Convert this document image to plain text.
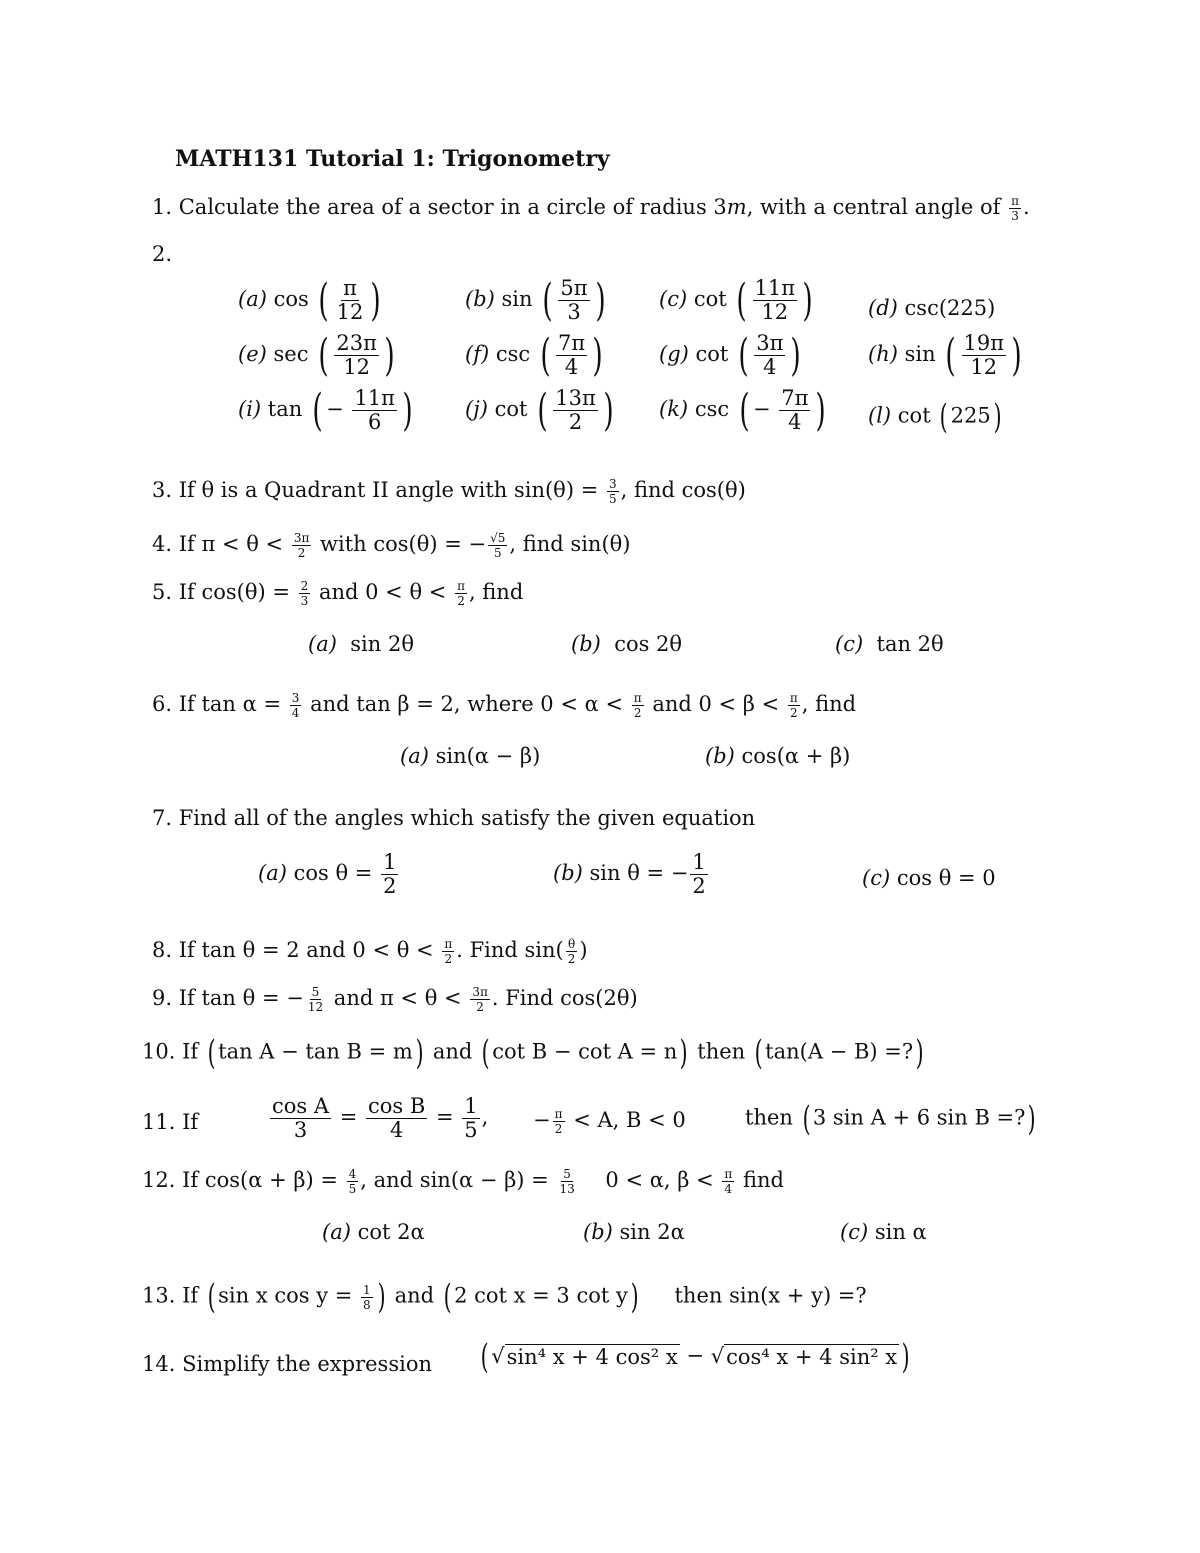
MATH131 Tutorial 1: Trigonometry
1. Calculate the area of a sector in a circle of radius 3m, with a central angle of $\frac{\pi}{3}$ .
2.
(a) cos ( $\frac{\pi}{12}$ )	(b) sin ( $\frac{5\pi}{3}$ )	(c) cot ( $\frac{11\pi}{12}$ )	(d) csc(225)
(e) sec ( $\frac{23\pi}{12}$ )	(f) csc ( $\frac{7\pi}{4}$ )	(g) cot ( $\frac{3\pi}{4}$ )	(h) sin ( $\frac{19\pi}{12}$ )
(i) tan ( − $\frac{11\pi}{6}$ ) (j) cot ( $\frac{13\pi}{2}$ ) (k) csc ( − $\frac{7\pi}{4}$ ) (l) cot ( 225)
3. If θ is a Quadrant II angle with $\sin(\theta) = \frac{3}{5}$ , find cos(θ)
4. If $\pi < \theta < \frac{3\pi}{2}$ with cos(θ) = − $\frac{√5}{5}$ , find sin(θ)
5. If $\cos(\theta) = \frac{2}{3}$ and $0 < \theta < \frac{\pi}{2}$ , find
(a) sin 2θ	(b) cos 2θ	(c) tan 2θ
6. If $\tan \alpha = \frac{3}{4}$ and tan β = 2, where $0 < \alpha < \frac{\pi}{2}$ and $0 < \beta < \frac{\pi}{2}$ , find
(a) sin(α − β)	(b) cos(α + β)
7. Find all of the angles which satisfy the given equation
(a) $\cos \theta = \frac{1}{2}$	(b) sin θ = − $\frac{1}{2}$	(c) cos θ = 0
8. If tan θ = 2 and $0 < \theta < \frac{\pi}{2}$ . Find $\sin( \frac{\theta}{2}$ )
9. If tan θ = − $\frac{5}{12}$ and $\pi < \theta < \frac{3\pi}{2}$ . Find cos(2θ)
10. If ( tan A − tan B = m) and ( cot B − cot A = n) then ( tan(A − B) =?)
11. If	$\frac{\text{cos A}}{3} = \frac{\text{cos B}}{4} = \frac{1}{5}$ , − $\frac{\pi}{2} < A$, B < 0	then ( 3 sin A + 6 sin B =?)
12. If $\cos(\alpha + \beta) = \frac{4}{5}$ , and $\sin(\alpha - \beta) = \frac{5}{13} 0 < \alpha$, $\beta < \frac{\pi}{4}$ find
(a) cot 2α	(b) sin 2α	(c) sin α
13. If ( sin x $\cos y = \frac{1}{8}$ ) and ( 2 cot x = 3 cot y) then sin(x + y) =?
14. Simplify the expression ( √ sin⁴ x + 4 cos² x − √ cos⁴ x + 4 sin² x )
